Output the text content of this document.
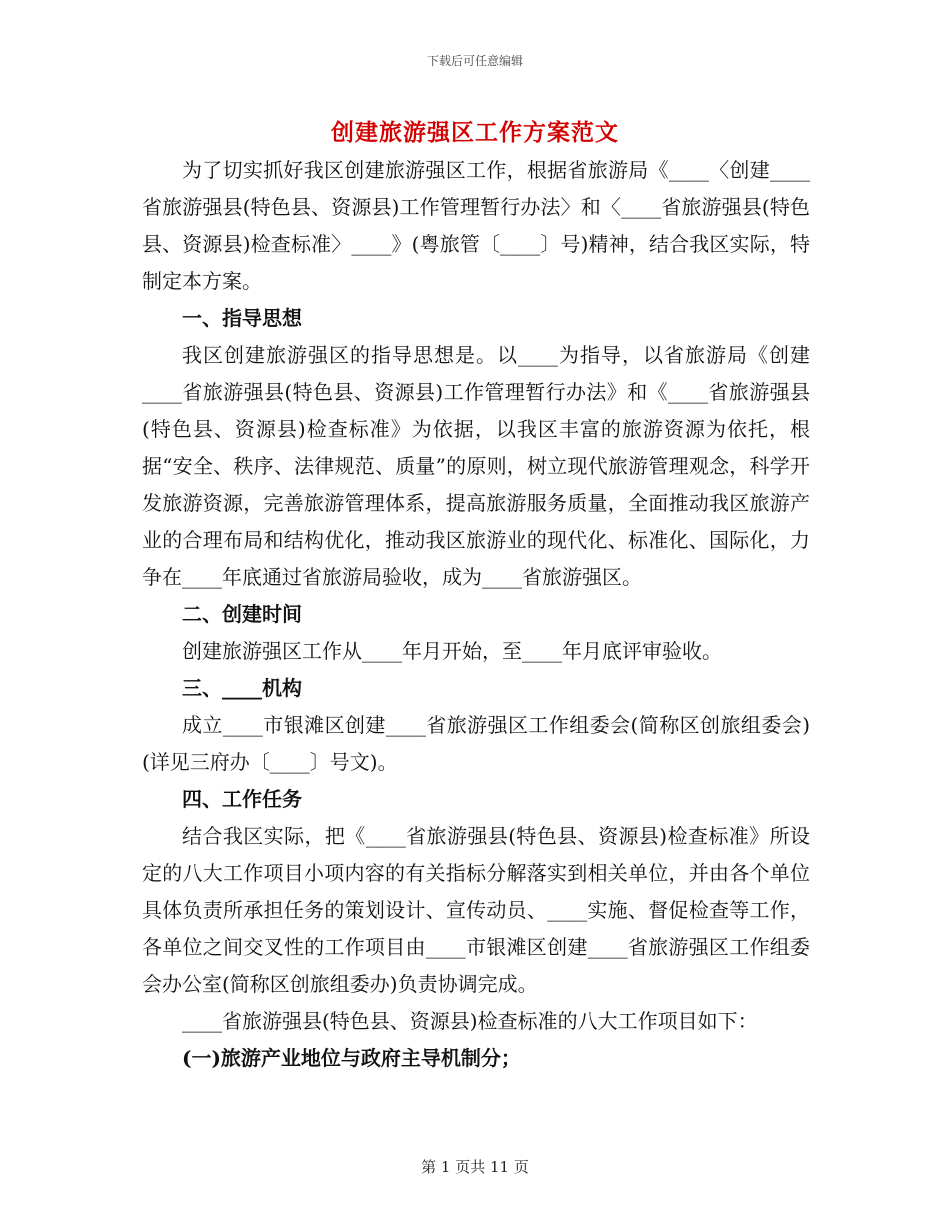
下载后可任意编辑
创建旅游强区工作方案范文

为了切实抓好我区创建旅游强区工作，根据省旅游局《____〈创建____省旅游强县(特色县、资源县)工作管理暂行办法〉和〈____省旅游强县(特色县、资源县)检查标准〉____》(粤旅管〔____〕号)精神，结合我区实际，特制定本方案。

一、指导思想

我区创建旅游强区的指导思想是。以____为指导，以省旅游局《创建____省旅游强县(特色县、资源县)工作管理暂行办法》和《____省旅游强县(特色县、资源县)检查标准》为依据，以我区丰富的旅游资源为依托，根据“安全、秩序、法律规范、质量”的原则，树立现代旅游管理观念，科学开发旅游资源，完善旅游管理体系，提高旅游服务质量，全面推动我区旅游产业的合理布局和结构优化，推动我区旅游业的现代化、标准化、国际化，力争在____年底通过省旅游局验收，成为____省旅游强区。

二、创建时间

创建旅游强区工作从____年月开始，至____年月底评审验收。

三、____机构

成立____市银滩区创建____省旅游强区工作组委会(简称区创旅组委会)(详见三府办〔____〕号文)。

四、工作任务

结合我区实际，把《____省旅游强县(特色县、资源县)检查标准》所设定的八大工作项目小项内容的有关指标分解落实到相关单位，并由各个单位具体负责所承担任务的策划设计、宣传动员、____实施、督促检查等工作，各单位之间交叉性的工作项目由____市银滩区创建____省旅游强区工作组委会办公室(简称区创旅组委办)负责协调完成。

____省旅游强县(特色县、资源县)检查标准的八大工作项目如下：

(一)旅游产业地位与政府主导机制分；

第 1 页共 11 页
